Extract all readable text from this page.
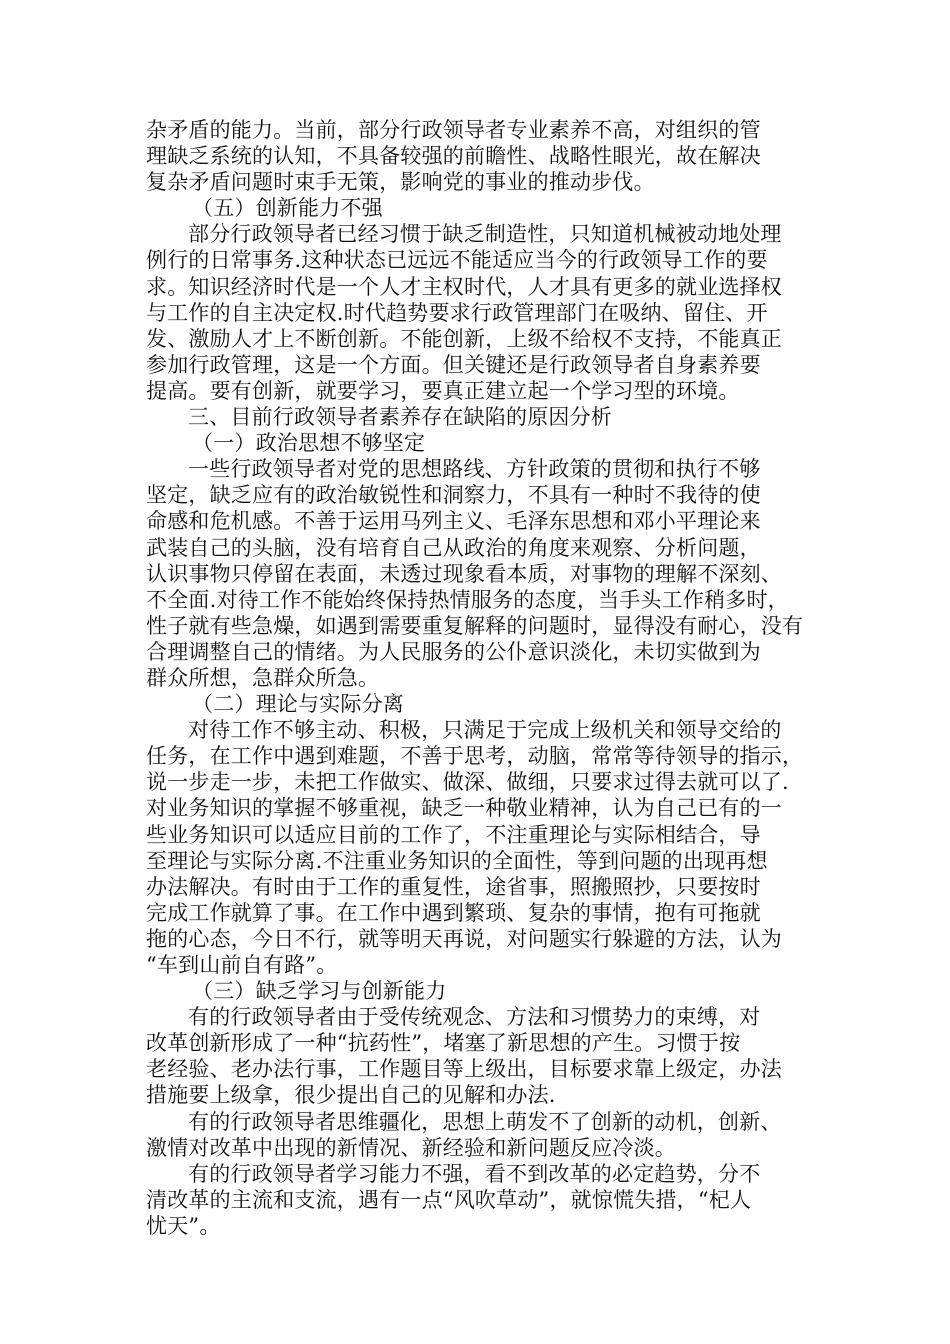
杂矛盾的能力。当前，部分行政领导者专业素养不高，对组织的管
理缺乏系统的认知，不具备较强的前瞻性、战略性眼光，故在解决
复杂矛盾问题时束手无策，影响党的事业的推动步伐。
（五）创新能力不强
部分行政领导者已经习惯于缺乏制造性，只知道机械被动地处理
例行的日常事务.这种状态已远远不能适应当今的行政领导工作的要
求。知识经济时代是一个人才主权时代，人才具有更多的就业选择权
与工作的自主决定权.时代趋势要求行政管理部门在吸纳、留住、开
发、激励人才上不断创新。不能创新，上级不给权不支持，不能真正
参加行政管理，这是一个方面。但关键还是行政领导者自身素养要
提高。要有创新，就要学习，要真正建立起一个学习型的环境。
三、目前行政领导者素养存在缺陷的原因分析
（一）政治思想不够坚定
一些行政领导者对党的思想路线、方针政策的贯彻和执行不够
坚定，缺乏应有的政治敏锐性和洞察力，不具有一种时不我待的使
命感和危机感。不善于运用马列主义、毛泽东思想和邓小平理论来
武装自己的头脑，没有培育自己从政治的角度来观察、分析问题，
认识事物只停留在表面，未透过现象看本质，对事物的理解不深刻、
不全面.对待工作不能始终保持热情服务的态度，当手头工作稍多时，
性子就有些急燥，如遇到需要重复解释的问题时，显得没有耐心，没有
合理调整自己的情绪。为人民服务的公仆意识淡化，未切实做到为
群众所想，急群众所急。
（二）理论与实际分离
对待工作不够主动、积极，只满足于完成上级机关和领导交给的
任务，在工作中遇到难题，不善于思考，动脑，常常等待领导的指示，
说一步走一步，未把工作做实、做深、做细，只要求过得去就可以了.
对业务知识的掌握不够重视，缺乏一种敬业精神，认为自己已有的一
些业务知识可以适应目前的工作了，不注重理论与实际相结合，导
至理论与实际分离.不注重业务知识的全面性，等到问题的出现再想
办法解决。有时由于工作的重复性，途省事，照搬照抄，只要按时
完成工作就算了事。在工作中遇到繁琐、复杂的事情，抱有可拖就
拖的心态，今日不行，就等明天再说，对问题实行躲避的方法，认为
“车到山前自有路”。
（三）缺乏学习与创新能力
有的行政领导者由于受传统观念、方法和习惯势力的束缚，对
改革创新形成了一种“抗药性”，堵塞了新思想的产生。习惯于按
老经验、老办法行事，工作题目等上级出，目标要求靠上级定，办法
措施要上级拿，很少提出自己的见解和办法.
有的行政领导者思维疆化，思想上萌发不了创新的动机，创新、
激情对改革中出现的新情况、新经验和新问题反应冷淡。
有的行政领导者学习能力不强，看不到改革的必定趋势，分不
清改革的主流和支流，遇有一点“风吹草动”，就惊慌失措，“杞人
忧天”。
